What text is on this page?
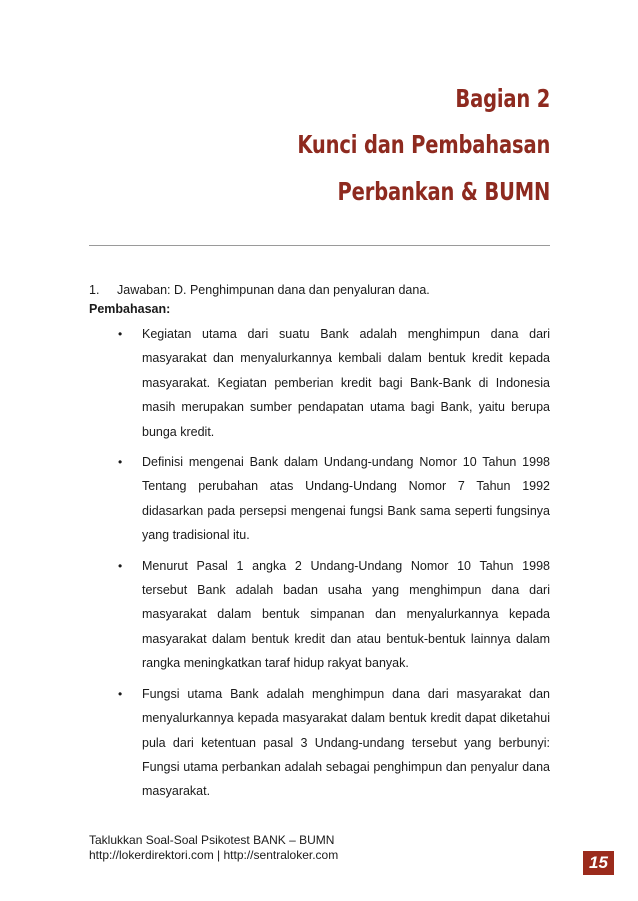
Bagian 2
Kunci dan Pembahasan
Perbankan & BUMN
1.	Jawaban: D. Penghimpunan dana dan penyaluran dana.
Pembahasan:
• Kegiatan utama dari suatu Bank adalah menghimpun dana dari masyarakat dan menyalurkannya kembali dalam bentuk kredit kepada masyarakat. Kegiatan pemberian kredit bagi Bank-Bank di Indonesia masih merupakan sumber pendapatan utama bagi Bank, yaitu berupa bunga kredit.
• Definisi mengenai Bank dalam Undang-undang Nomor 10 Tahun 1998 Tentang perubahan atas Undang-Undang Nomor 7 Tahun 1992 didasarkan pada persepsi mengenai fungsi Bank sama seperti fungsinya yang tradisional itu.
• Menurut Pasal 1 angka 2 Undang-Undang Nomor 10 Tahun 1998 tersebut Bank adalah badan usaha yang menghimpun dana dari masyarakat dalam bentuk simpanan dan menyalurkannya kepada masyarakat dalam bentuk kredit dan atau bentuk-bentuk lainnya dalam rangka meningkatkan taraf hidup rakyat banyak.
• Fungsi utama Bank adalah menghimpun dana dari masyarakat dan menyalurkannya kepada masyarakat dalam bentuk kredit dapat diketahui pula dari ketentuan pasal 3 Undang-undang tersebut yang berbunyi: Fungsi utama perbankan adalah sebagai penghimpun dan penyalur dana masyarakat.
Taklukkan Soal-Soal Psikotest BANK – BUMN
http://lokerdirektori.com | http://sentraloker.com	15
